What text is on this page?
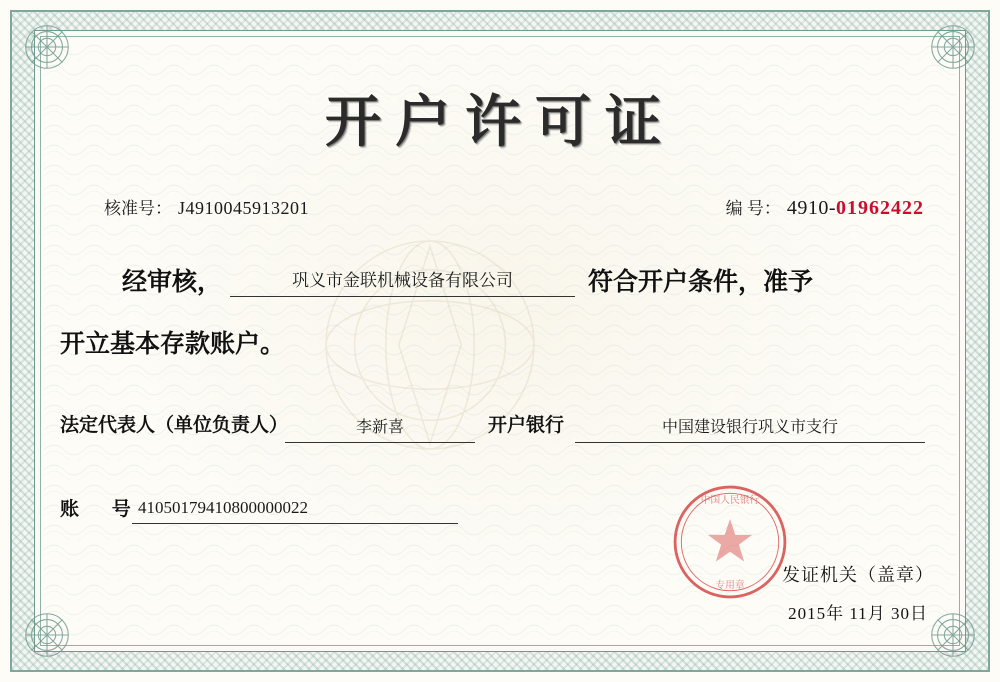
开户许可证
核准号： J4910045913201	编 号： 4910-01962422
经审核，	巩义市金联机械设备有限公司	符合开户条件，准予
开立基本存款账户。
法定代表人（单位负责人）	李新喜	开户银行	中国建设银行巩义市支行
账 号
41050179410800000022	中国人民银行
专用章
发证机关（盖章）
2015年 11月 30日
